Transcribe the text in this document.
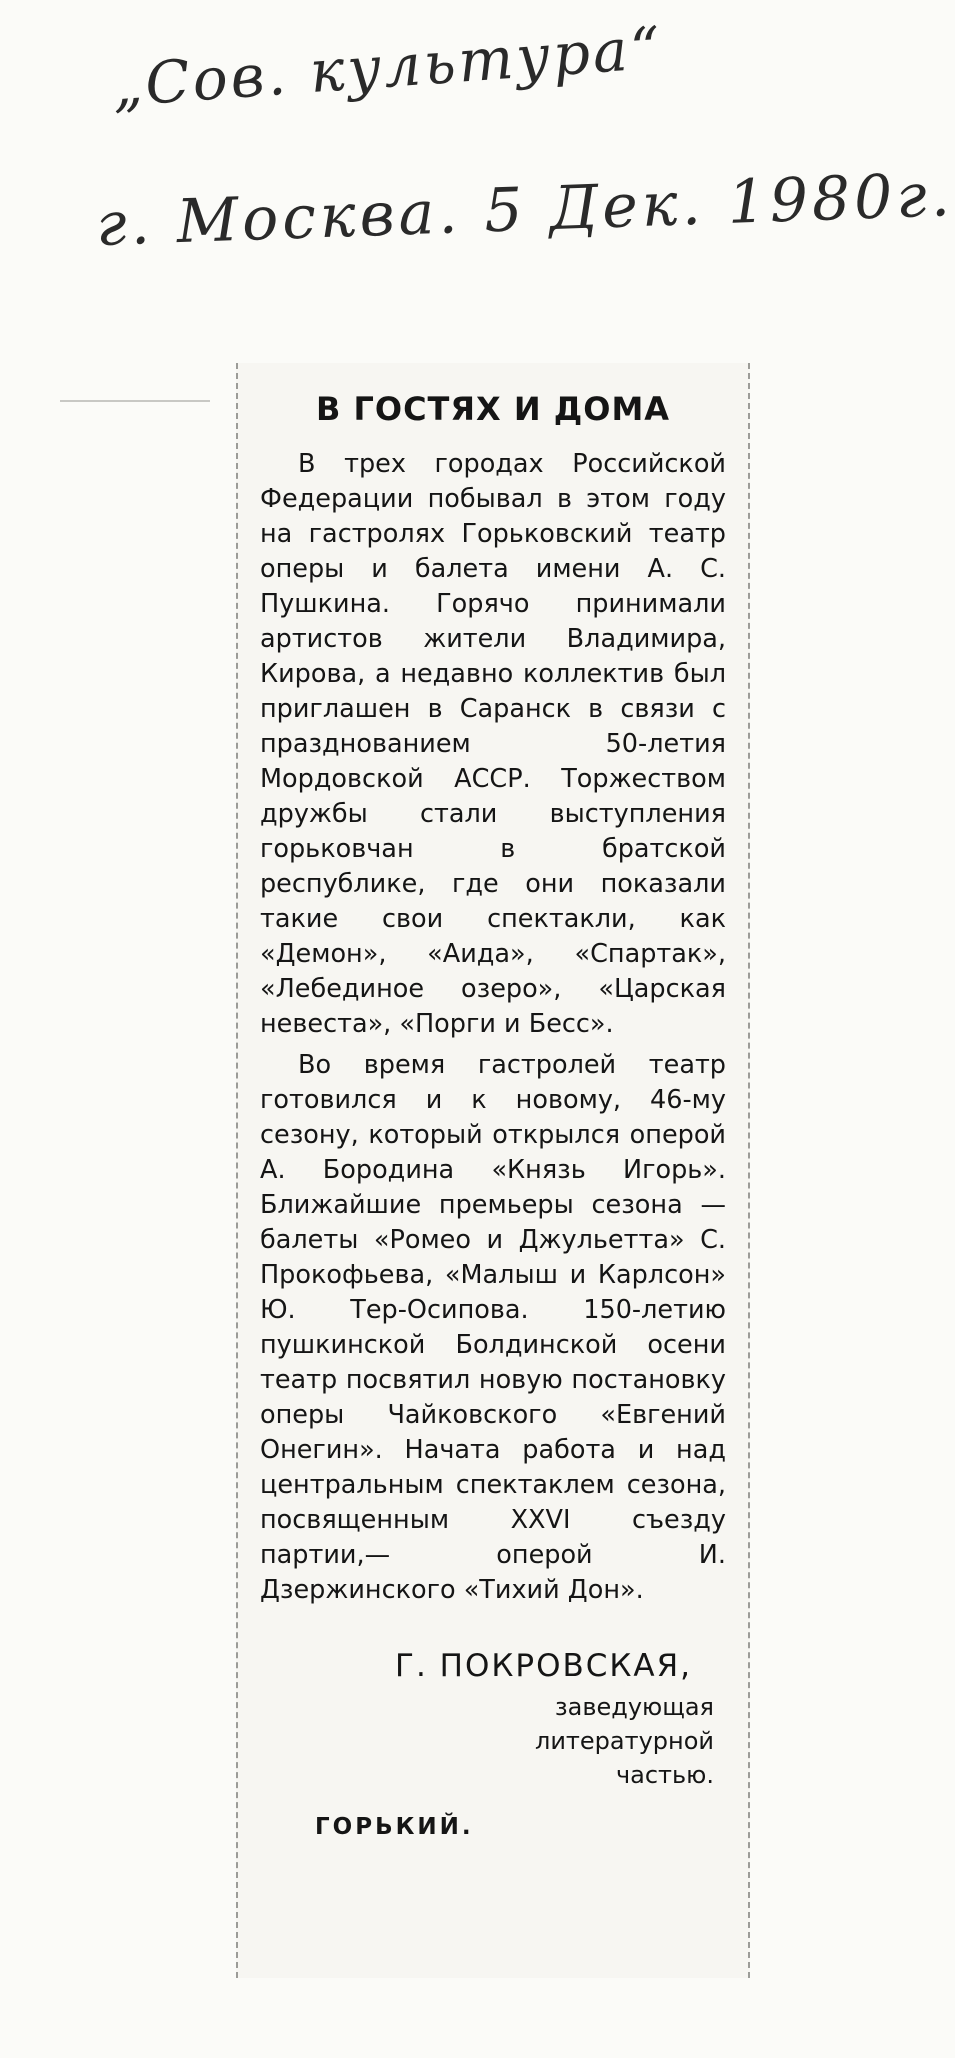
„Сов. культура“
г. Москва. 5 Дек. 1980г.
В ГОСТЯХ И ДОМА

В трех городах Российской Федерации побывал в этом году на гастролях Горьковский театр оперы и балета имени А. С. Пушкина. Горячо принимали артистов жители Владимира, Кирова, а недавно коллектив был приглашен в Саранск в связи с празднованием 50-летия Мордовской АССР. Торжеством дружбы стали выступления горьковчан в братской республике, где они показали такие свои спектакли, как «Демон», «Аида», «Спартак», «Лебединое озеро», «Царская невеста», «Порги и Бесс».

Во время гастролей театр готовился и к новому, 46-му сезону, который открылся оперой А. Бородина «Князь Игорь». Ближайшие премьеры сезона — балеты «Ромео и Джульетта» С. Прокофьева, «Малыш и Карлсон» Ю. Тер-Осипова. 150-летию пушкинской Болдинской осени театр посвятил новую постановку оперы Чайковского «Евгений Онегин». Начата работа и над центральным спектаклем сезона, посвященным XXVI съезду партии,— оперой И. Дзержинского «Тихий Дон».

Г. ПОКРОВСКАЯ,
заведующая
литературной
частью.
ГОРЬКИЙ.
